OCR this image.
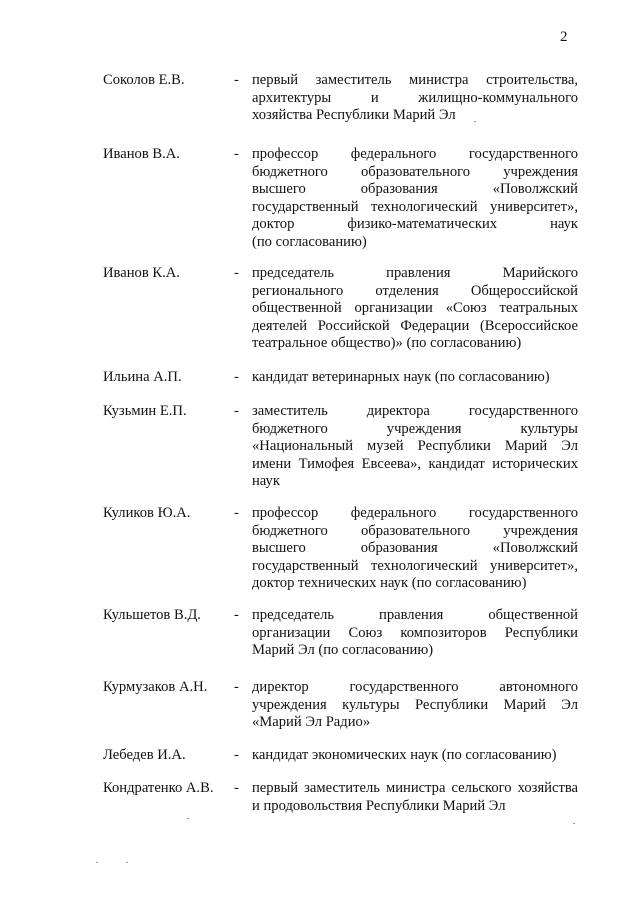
2
Соколов Е.В.	- первый заместитель министра строительства,
архитектуры и жилищно-коммунального
хозяйства Республики Марий Эл
Иванов В.А.	- профессор федерального государственного
бюджетного образовательного учреждения
высшего образования «Поволжский
государственный технологический университет»,
доктор физико-математических наук
(по согласованию)
Иванов К.А.	- председатель правления Марийского
регионального отделения Общероссийской
общественной организации «Союз театральных
деятелей Российской Федерации (Всероссийское
театральное общество)» (по согласованию)
Ильина А.П.	- кандидат ветеринарных наук (по согласованию)
Кузьмин Е.П.	- заместитель директора государственного
бюджетного учреждения культуры
«Национальный музей Республики Марий Эл
имени Тимофея Евсеева», кандидат исторических
наук
Куликов Ю.А.	- профессор федерального государственного
бюджетного образовательного учреждения
высшего образования «Поволжский
государственный технологический университет»,
доктор технических наук (по согласованию)
Кульшетов В.Д. - председатель правления общественной
организации Союз композиторов Республики
Марий Эл (по согласованию)
Курмузаков А.Н. - директор государственного автономного
учреждения культуры Республики Марий Эл
«Марий Эл Радио»
Лебедев И.А.	- кандидат экономических наук (по согласованию)
Кондратенко А.В. - первый заместитель министра сельского хозяйства
и продовольствия Республики Марий Эл
